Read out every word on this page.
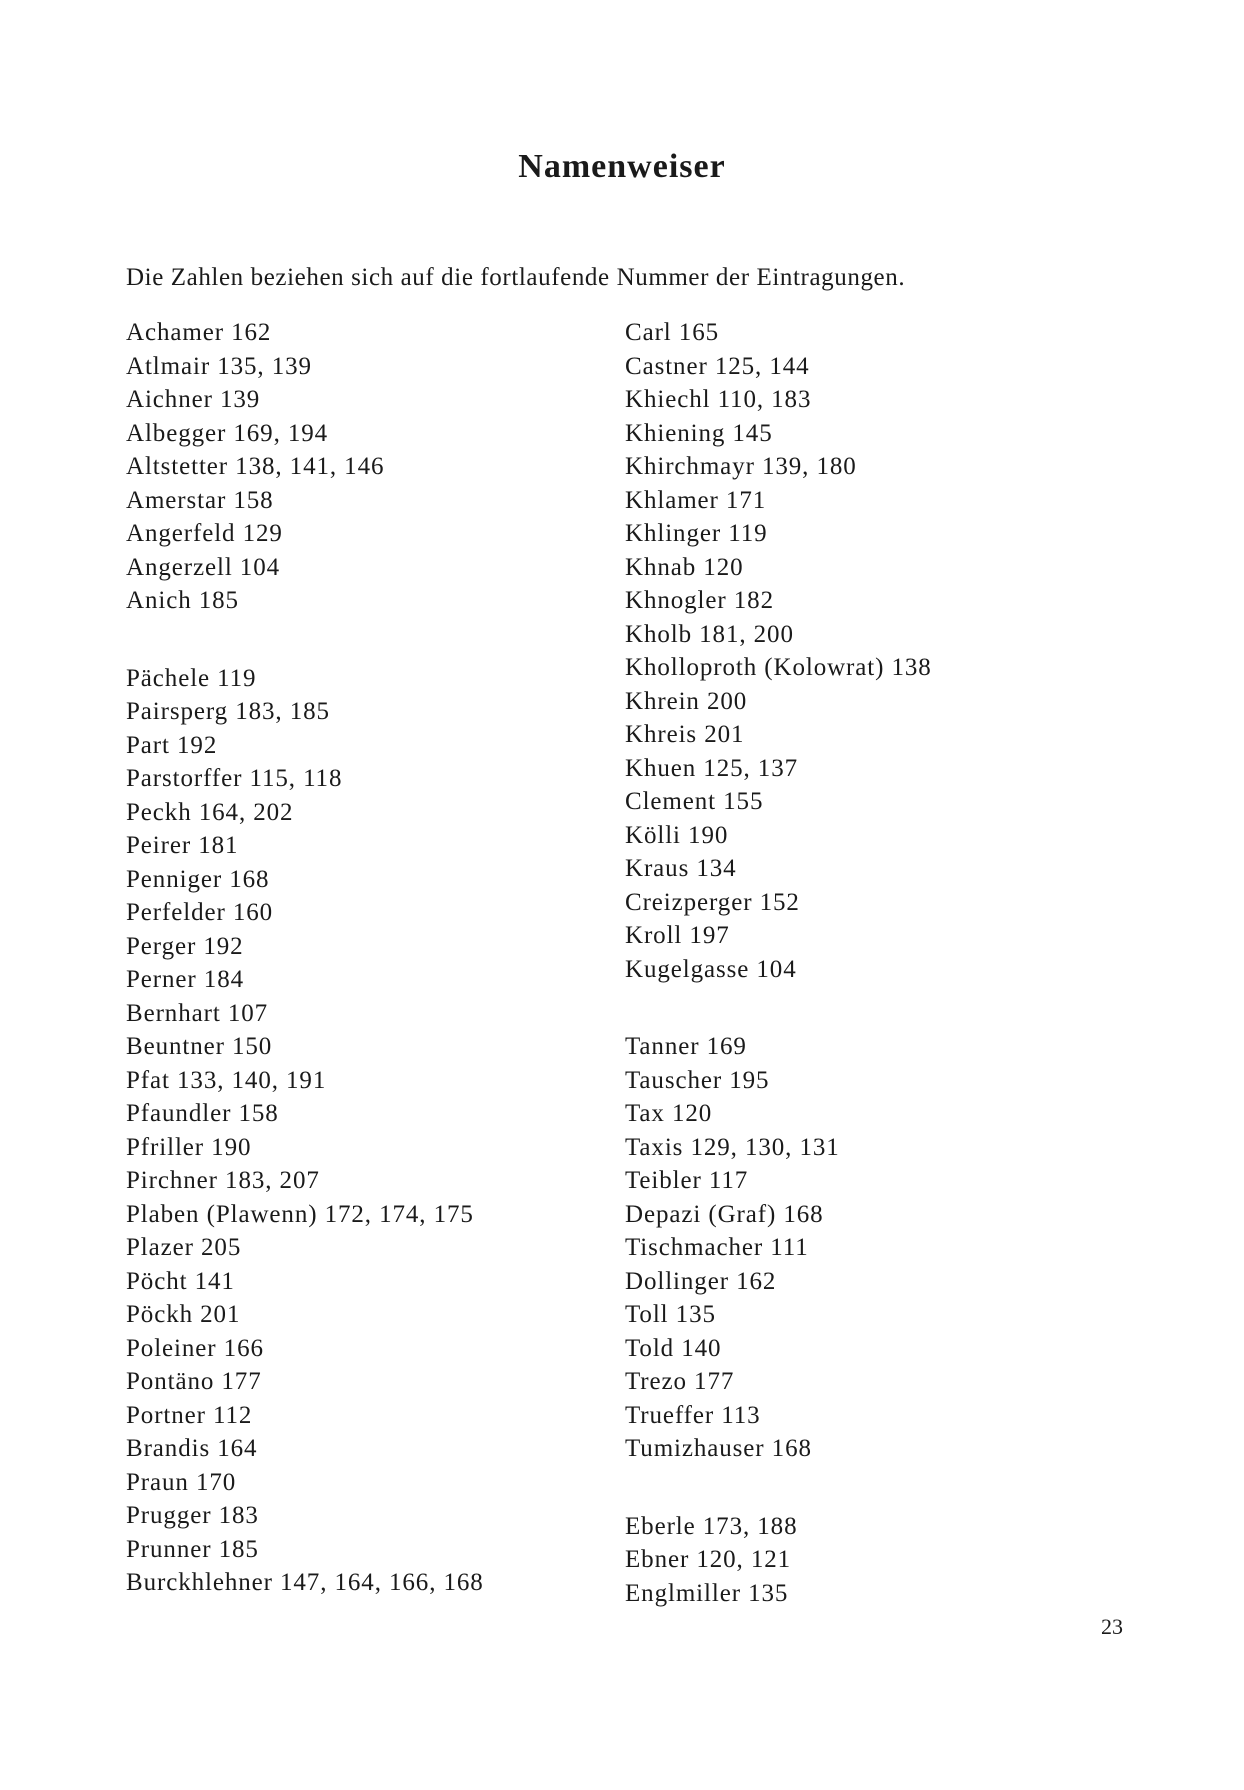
Namenweiser
Die Zahlen beziehen sich auf die fortlaufende Nummer der Eintragungen.
Achamer 162
Atlmair 135, 139
Aichner 139
Albegger 169, 194
Altstetter 138, 141, 146
Amerstar 158
Angerfeld 129
Angerzell 104
Anich 185
Pächele 119
Pairsperg 183, 185
Part 192
Parstorffer 115, 118
Peckh 164, 202
Peirer 181
Penniger 168
Perfelder 160
Perger 192
Perner 184
Bernhart 107
Beuntner 150
Pfat 133, 140, 191
Pfaundler 158
Pfriller 190
Pirchner 183, 207
Plaben (Plawenn) 172, 174, 175
Plazer 205
Pöcht 141
Pöckh 201
Poleiner 166
Pontäno 177
Portner 112
Brandis 164
Praun 170
Prugger 183
Prunner 185
Burckhlehner 147, 164, 166, 168
Carl 165
Castner 125, 144
Khiechl 110, 183
Khiening 145
Khirchmayr 139, 180
Khlamer 171
Khlinger 119
Khnab 120
Khnogler 182
Kholb 181, 200
Kholloproth (Kolowrat) 138
Khrein 200
Khreis 201
Khuen 125, 137
Clement 155
Kölli 190
Kraus 134
Creizperger 152
Kroll 197
Kugelgasse 104
Tanner 169
Tauscher 195
Tax 120
Taxis 129, 130, 131
Teibler 117
Depazi (Graf) 168
Tischmacher 111
Dollinger 162
Toll 135
Told 140
Trezo 177
Trueffer 113
Tumizhauser 168
Eberle 173, 188
Ebner 120, 121
Englmiller 135
23
